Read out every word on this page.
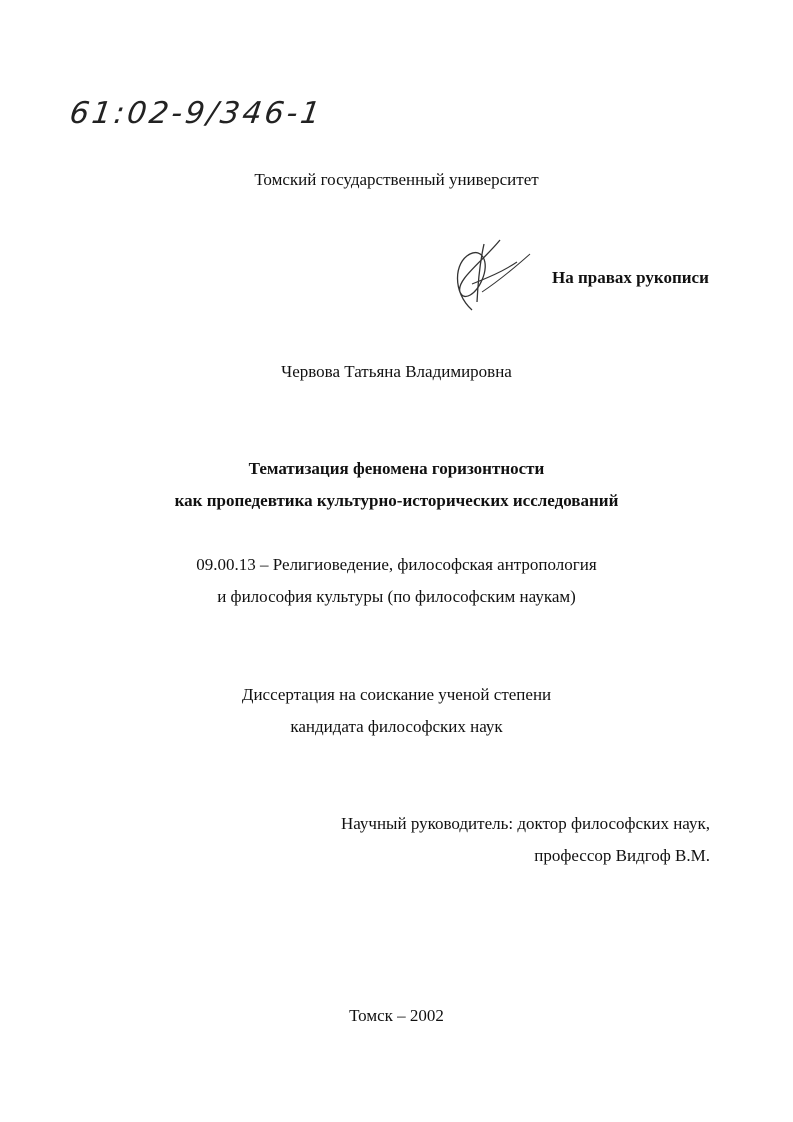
61:02-9/346-1
Томский государственный университет
На правах рукописи
Червова Татьяна Владимировна
Тематизация феномена горизонтности
как пропедевтика культурно-исторических исследований
09.00.13 – Религиоведение, философская антропология
и философия культуры (по философским наукам)
Диссертация на соискание ученой степени
кандидата философских наук
Научный руководитель: доктор философских наук,
профессор Видгоф В.М.
Томск – 2002
